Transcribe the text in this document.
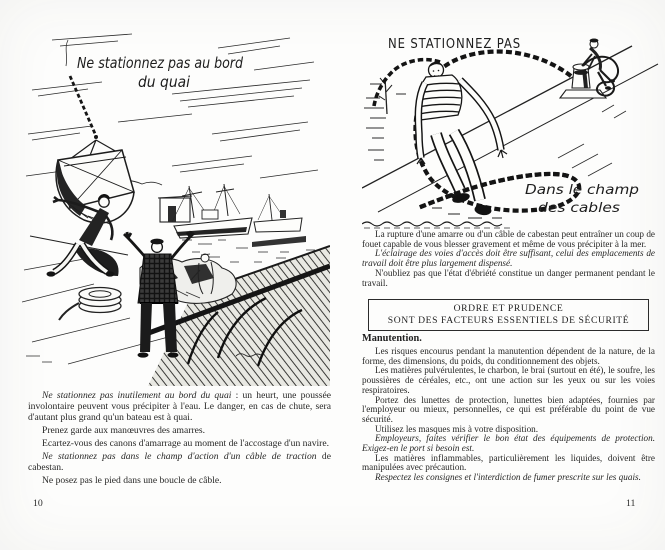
Ne stationnez pas au bord
du quai

Ne stationnez pas inutilement au bord du quai : un heurt, une poussée involontaire peuvent vous précipiter à l'eau. Le danger, en cas de chute, sera d'autant plus grand qu'un bateau est à quai.

Prenez garde aux manœuvres des amarres.

Ecartez-vous des canons d'amarrage au moment de l'accostage d'un navire.

Ne stationnez pas dans le champ d'action d'un câble de traction de cabestan.

Ne posez pas le pied dans une boucle de câble.

10
NE STATIONNEZ PAS
Dans le champ
des cables

La rupture d'une amarre ou d'un câble de cabestan peut entraîner un coup de fouet capable de vous blesser gravement et même de vous précipiter à la mer.

L'éclairage des voies d'accès doit être suffisant, celui des emplacements de travail doit être plus largement dispensé.

N'oubliez pas que l'état d'ébriété constitue un danger permanent pendant le travail.

ORDRE ET PRUDENCE
SONT DES FACTEURS ESSENTIELS DE SÉCURITÉ
Manutention.

Les risques encourus pendant la manutention dépendent de la nature, de la forme, des dimensions, du poids, du conditionnement des objets.

Les matières pulvérulentes, le charbon, le brai (surtout en été), le soufre, les poussières de céréales, etc., ont une action sur les yeux ou sur les voies respiratoires.

Portez des lunettes de protection, lunettes bien adaptées, fournies par l'employeur ou mieux, personnelles, ce qui est préférable du point de vue sécurité.

Utilisez les masques mis à votre disposition.

Employeurs, faites vérifier le bon état des équipements de protection. Exigez-en le port si besoin est.

Les matières inflammables, particulièrement les liquides, doivent être manipulées avec précaution.

Respectez les consignes et l'interdiction de fumer prescrite sur les quais.

11
